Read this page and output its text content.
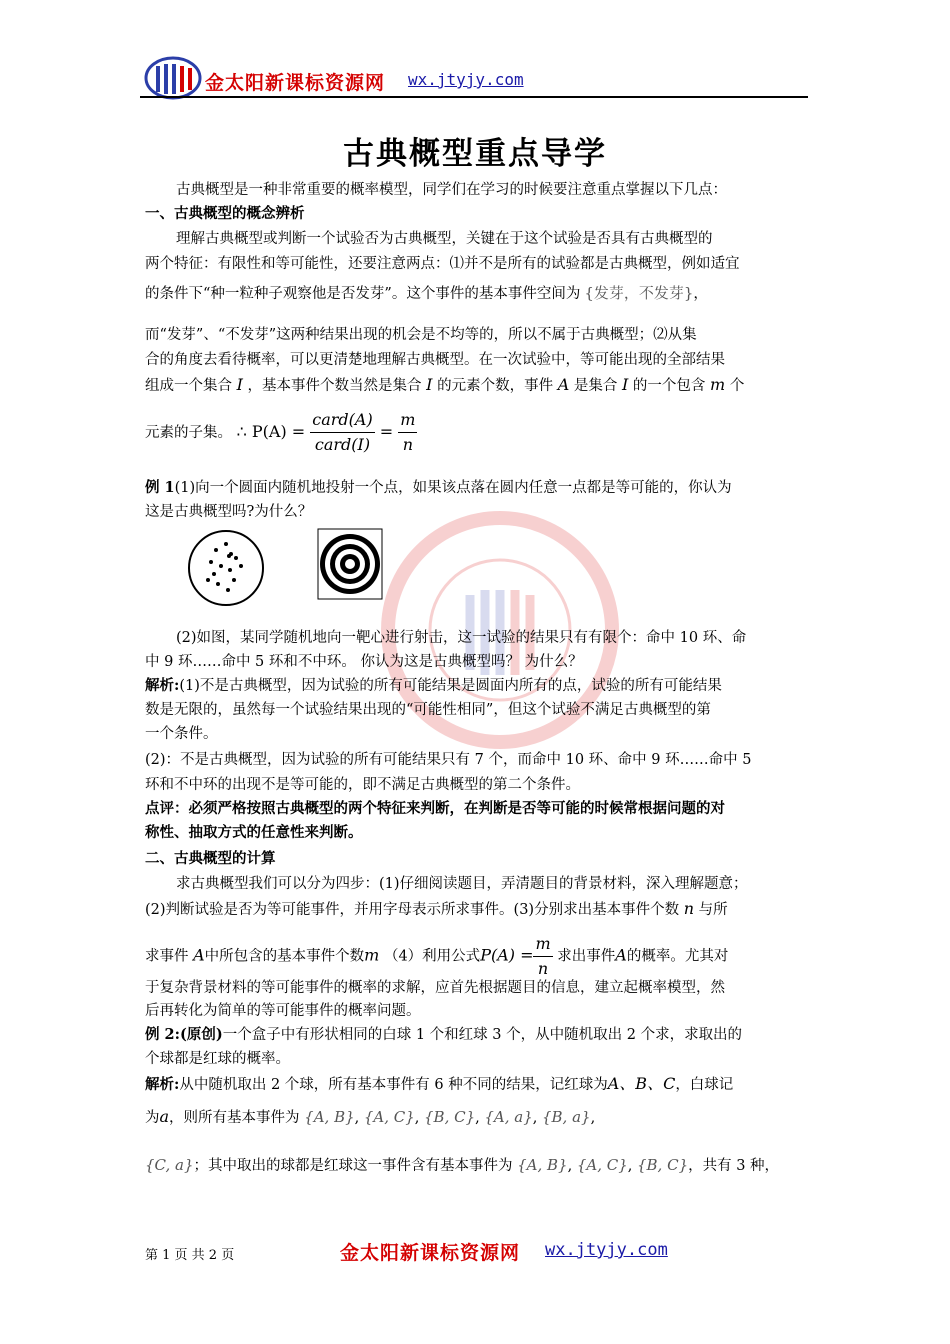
金太阳新课标资源网 wx.jtyjy.com
古典概型重点导学
古典概型是一种非常重要的概率模型，同学们在学习的时候要注意重点掌握以下几点：
一、古典概型的概念辨析
理解古典概型或判断一个试验否为古典概型，关键在于这个试验是否具有古典概型的
两个特征：有限性和等可能性，还要注意两点：⑴并不是所有的试验都是古典概型，例如适宜
的条件下“种一粒种子观察他是否发芽”。这个事件的基本事件空间为 {发芽，不发芽}，
而“发芽”、“不发芽”这两种结果出现的机会是不均等的，所以不属于古典概型；⑵从集
合的角度去看待概率，可以更清楚地理解古典概型。在一次试验中，等可能出现的全部结果
组成一个集合 I ，基本事件个数当然是集合 I 的元素个数，事件 A 是集合 I 的一个包含 m 个
元素的子集。 ∴ $P(A) = \frac{\text{card(A)}}{\text{card(I)}} = \frac{m}{n}$
例 1(1)向一个圆面内随机地投射一个点，如果该点落在圆内任意一点都是等可能的，你认为
这是古典概型吗?为什么？
(2)如图，某同学随机地向一靶心进行射击，这一试验的结果只有有限个：命中 10 环、命
中 9 环……命中 5 环和不中环。 你认为这是古典概型吗？ 为什么？
解析:(1)不是古典概型，因为试验的所有可能结果是圆面内所有的点，试验的所有可能结果
数是无限的，虽然每一个试验结果出现的“可能性相同”，但这个试验不满足古典概型的第
一个条件。
(2)：不是古典概型，因为试验的所有可能结果只有 7 个，而命中 10 环、命中 9 环……命中 5
环和不中环的出现不是等可能的，即不满足古典概型的第二个条件。
点评：必须严格按照古典概型的两个特征来判断，在判断是否等可能的时候常根据问题的对
称性、抽取方式的任意性来判断。
二、古典概型的计算
求古典概型我们可以分为四步：(1)仔细阅读题目，弄清题目的背景材料，深入理解题意；
(2)判断试验是否为等可能事件，并用字母表示所求事件。(3)分别求出基本事件个数 n 与所
求事件 A中所包含的基本事件个数m （4）利用公式$P(A) = \frac{m}{n}$ 求出事件A的概率。尤其对
于复杂背景材料的等可能事件的概率的求解，应首先根据题目的信息，建立起概率模型，然
后再转化为简单的等可能事件的概率问题。
例 2:(原创)一个盒子中有形状相同的白球 1 个和红球 3 个，从中随机取出 2 个求，求取出的
个球都是红球的概率。
解析:从中随机取出 2 个球，所有基本事件有 6 种不同的结果，记红球为A、B、C，白球记
为a，则所有基本事件为 {A, B}, {A, C}, {B, C}, {A, a}, {B, a},
{C, a}；其中取出的球都是红球这一事件含有基本事件为 {A, B}, {A, C}, {B, C}，共有 3 种，
第 1 页 共 2 页	金太阳新课标资源网 wx.jtyjy.com
